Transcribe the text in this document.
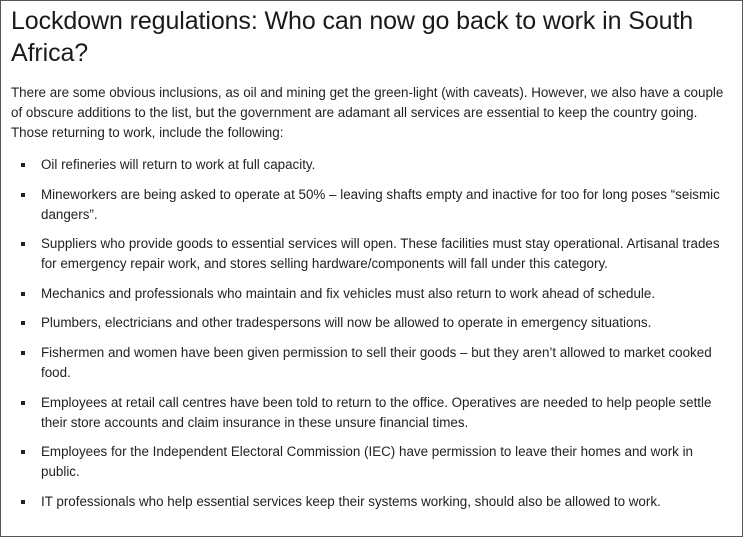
Lockdown regulations: Who can now go back to work in South Africa?

There are some obvious inclusions, as oil and mining get the green-light (with caveats). However, we also have a couple of obscure additions to the list, but the government are adamant all services are essential to keep the country going. Those returning to work, include the following:

Oil refineries will return to work at full capacity.
Mineworkers are being asked to operate at 50% – leaving shafts empty and inactive for too for long poses “seismic dangers”.
Suppliers who provide goods to essential services will open. These facilities must stay operational. Artisanal trades for emergency repair work, and stores selling hardware/components will fall under this category.
Mechanics and professionals who maintain and fix vehicles must also return to work ahead of schedule.
Plumbers, electricians and other tradespersons will now be allowed to operate in emergency situations.
Fishermen and women have been given permission to sell their goods – but they aren’t allowed to market cooked food.
Employees at retail call centres have been told to return to the office. Operatives are needed to help people settle their store accounts and claim insurance in these unsure financial times.
Employees for the Independent Electoral Commission (IEC) have permission to leave their homes and work in public.
IT professionals who help essential services keep their systems working, should also be allowed to work.
